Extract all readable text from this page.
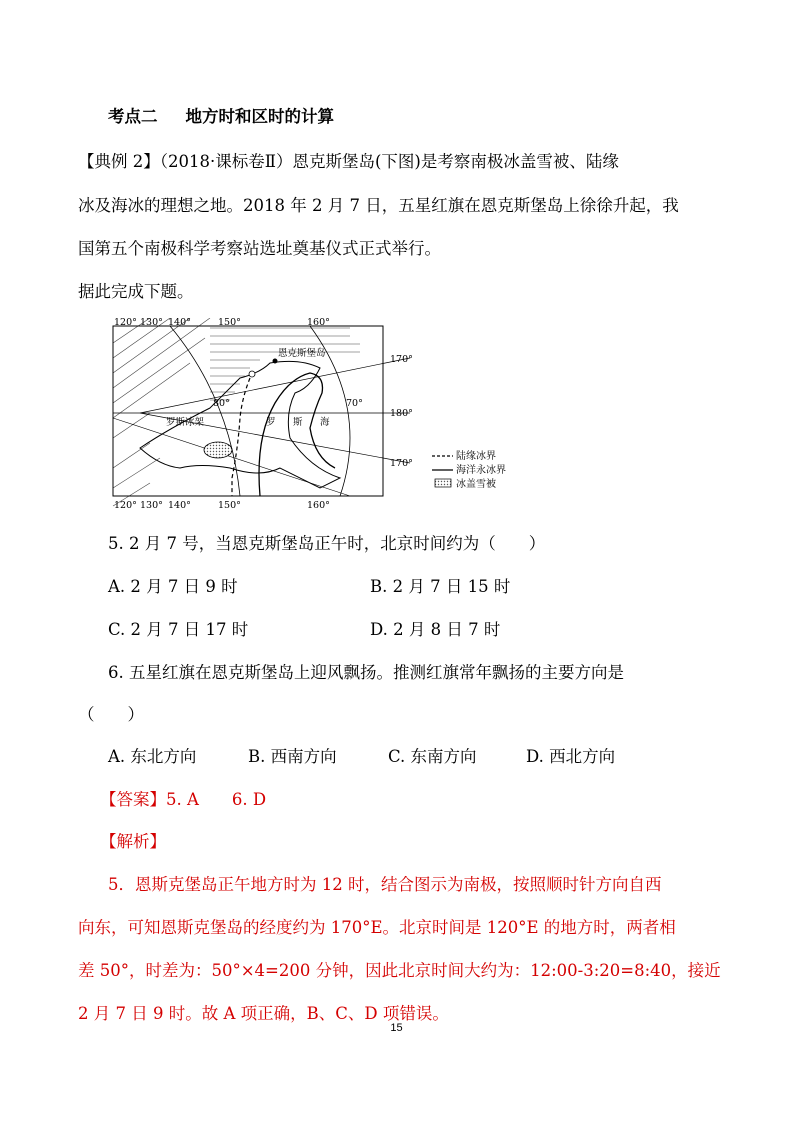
考点二 地方时和区时的计算
【典例 2】（2018·课标卷Ⅱ）恩克斯堡岛(下图)是考察南极冰盖雪被、陆缘
冰及海冰的理想之地。2018 年 2 月 7 日，五星红旗在恩克斯堡岛上徐徐升起，我
国第五个南极科学考察站选址奠基仪式正式举行。
据此完成下题。
120° 130° 140°	150°	160°
120° 130° 140°	150°	160°
170°
180°
170°
80°	70°
恩克斯堡岛
罗斯冰架	罗 斯 海
陆缘冰界
海洋永冰界
冰盖雪被
5. 2 月 7 号，当恩克斯堡岛正午时，北京时间约为（　　）
A. 2 月 7 日 9 时	B. 2 月 7 日 15 时
C. 2 月 7 日 17 时	D. 2 月 8 日 7 时
6. 五星红旗在恩克斯堡岛上迎风飘扬。推测红旗常年飘扬的主要方向是
（　　）
A. 东北方向	B. 西南方向	C. 东南方向	D. 西北方向
【答案】5. A　　6. D
【解析】
5．恩斯克堡岛正午地方时为 12 时，结合图示为南极，按照顺时针方向自西
向东，可知恩斯克堡岛的经度约为 170°E。北京时间是 120°E 的地方时，两者相
差 50°，时差为：50°×4=200 分钟，因此北京时间大约为：12:00-3:20=8:40，接近
2 月 7 日 9 时。故 A 项正确，B、C、D 项错误。
15
